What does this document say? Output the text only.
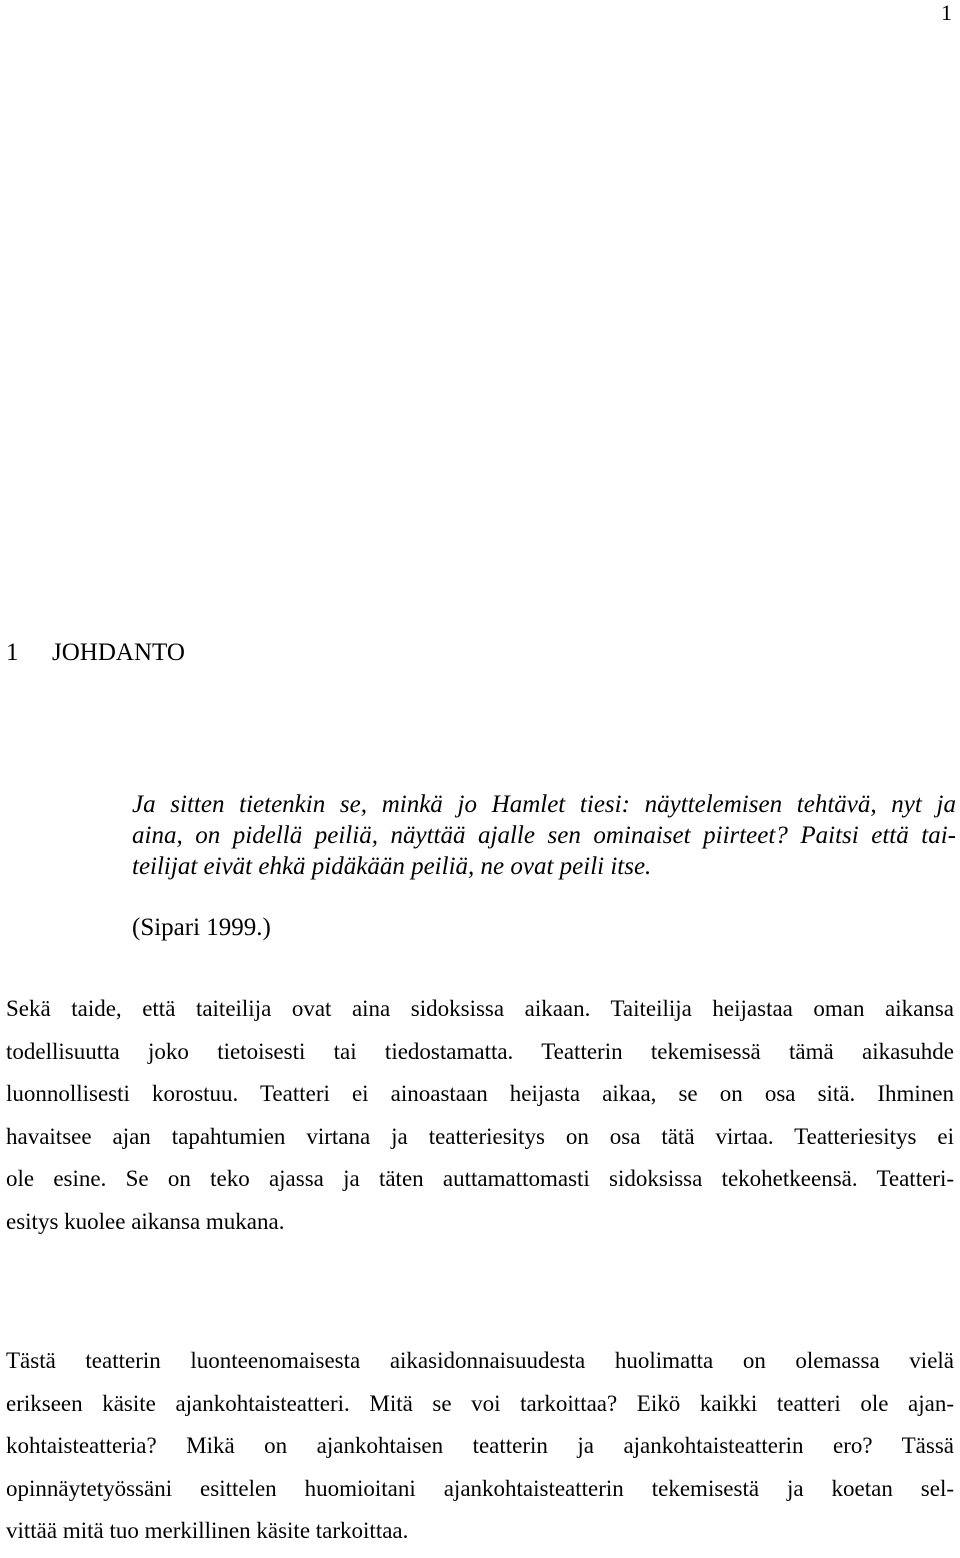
1
1 JOHDANTO
Ja sitten tietenkin se, minkä jo Hamlet tiesi: näyttelemisen tehtävä, nyt ja
aina, on pidellä peiliä, näyttää ajalle sen ominaiset piirteet? Paitsi että tai-
teilijat eivät ehkä pidäkään peiliä, ne ovat peili itse.
(Sipari 1999.)
Sekä taide, että taiteilija ovat aina sidoksissa aikaan. Taiteilija heijastaa oman aikansa
todellisuutta joko tietoisesti tai tiedostamatta. Teatterin tekemisessä tämä aikasuhde
luonnollisesti korostuu. Teatteri ei ainoastaan heijasta aikaa, se on osa sitä. Ihminen
havaitsee ajan tapahtumien virtana ja teatteriesitys on osa tätä virtaa. Teatteriesitys ei
ole esine. Se on teko ajassa ja täten auttamattomasti sidoksissa tekohetkeensä. Teatteri-
esitys kuolee aikansa mukana.
Tästä teatterin luonteenomaisesta aikasidonnaisuudesta huolimatta on olemassa vielä
erikseen käsite ajankohtaisteatteri. Mitä se voi tarkoittaa? Eikö kaikki teatteri ole ajan-
kohtaisteatteria? Mikä on ajankohtaisen teatterin ja ajankohtaisteatterin ero? Tässä
opinnäytetyössäni esittelen huomioitani ajankohtaisteatterin tekemisestä ja koetan sel-
vittää mitä tuo merkillinen käsite tarkoittaa.
